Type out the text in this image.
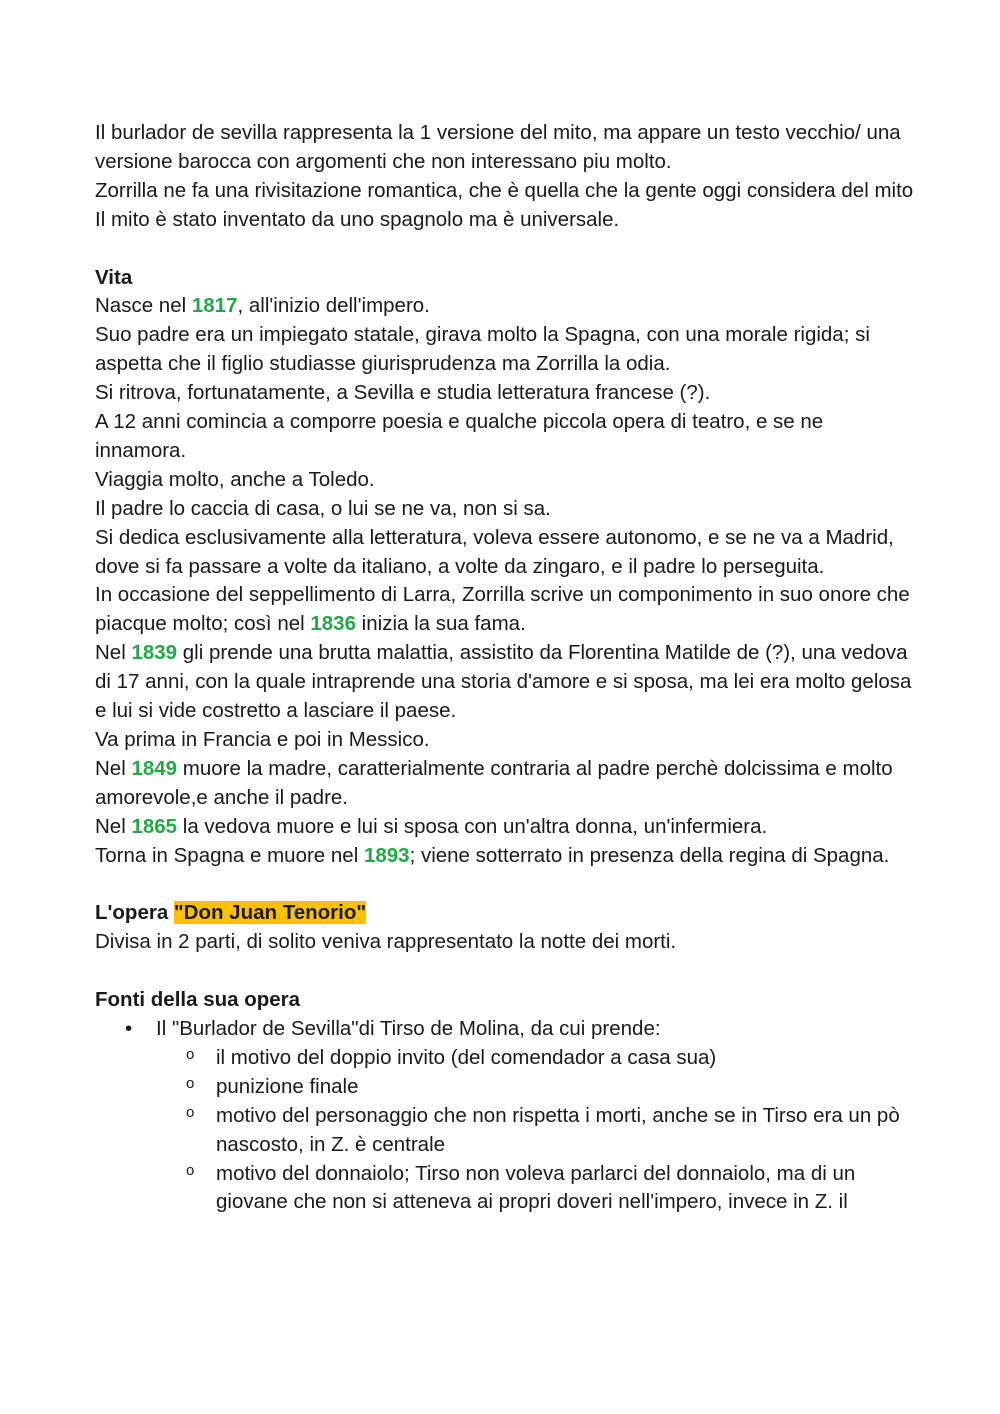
Il burlador de sevilla rappresenta la 1 versione del mito, ma appare un testo vecchio/ una versione barocca con argomenti che non interessano piu molto.

Zorrilla ne fa una rivisitazione romantica, che è quella che la gente oggi considera del mito

Il mito è stato inventato da uno spagnolo ma è universale.

Vita

Nasce nel 1817, all'inizio dell'impero.

Suo padre era un impiegato statale, girava molto la Spagna, con una morale rigida; si aspetta che il figlio studiasse giurisprudenza ma Zorrilla la odia.

Si ritrova, fortunatamente, a Sevilla e studia letteratura francese (?).

A 12 anni comincia a comporre poesia e qualche piccola opera di teatro, e se ne innamora.

Viaggia molto, anche a Toledo.

Il padre lo caccia di casa, o lui se ne va, non si sa.

Si dedica esclusivamente alla letteratura, voleva essere autonomo, e se ne va a Madrid, dove si fa passare a volte da italiano, a volte da zingaro, e il padre lo perseguita.

In occasione del seppellimento di Larra, Zorrilla scrive un componimento in suo onore che piacque molto; così nel 1836 inizia la sua fama.

Nel 1839 gli prende una brutta malattia, assistito da Florentina Matilde de (?), una vedova di 17 anni, con la quale intraprende una storia d'amore e si sposa, ma lei era molto gelosa e lui si vide costretto a lasciare il paese.

Va prima in Francia e poi in Messico.

Nel 1849 muore la madre, caratterialmente contraria al padre perchè dolcissima e molto amorevole,e anche il padre.

Nel 1865 la vedova muore e lui si sposa con un'altra donna, un'infermiera.

Torna in Spagna e muore nel 1893; viene sotterrato in presenza della regina di Spagna.

L'opera "Don Juan Tenorio"

Divisa in 2 parti, di solito veniva rappresentato la notte dei morti.

Fonti della sua opera

• Il "Burlador de Sevilla"di Tirso de Molina, da cui prende:
o il motivo del doppio invito (del comendador a casa sua)
o punizione finale
o motivo del personaggio che non rispetta i morti, anche se in Tirso era un pò nascosto, in Z. è centrale
o motivo del donnaiolo; Tirso non voleva parlarci del donnaiolo, ma di un giovane che non si atteneva ai propri doveri nell'impero, invece in Z. il
